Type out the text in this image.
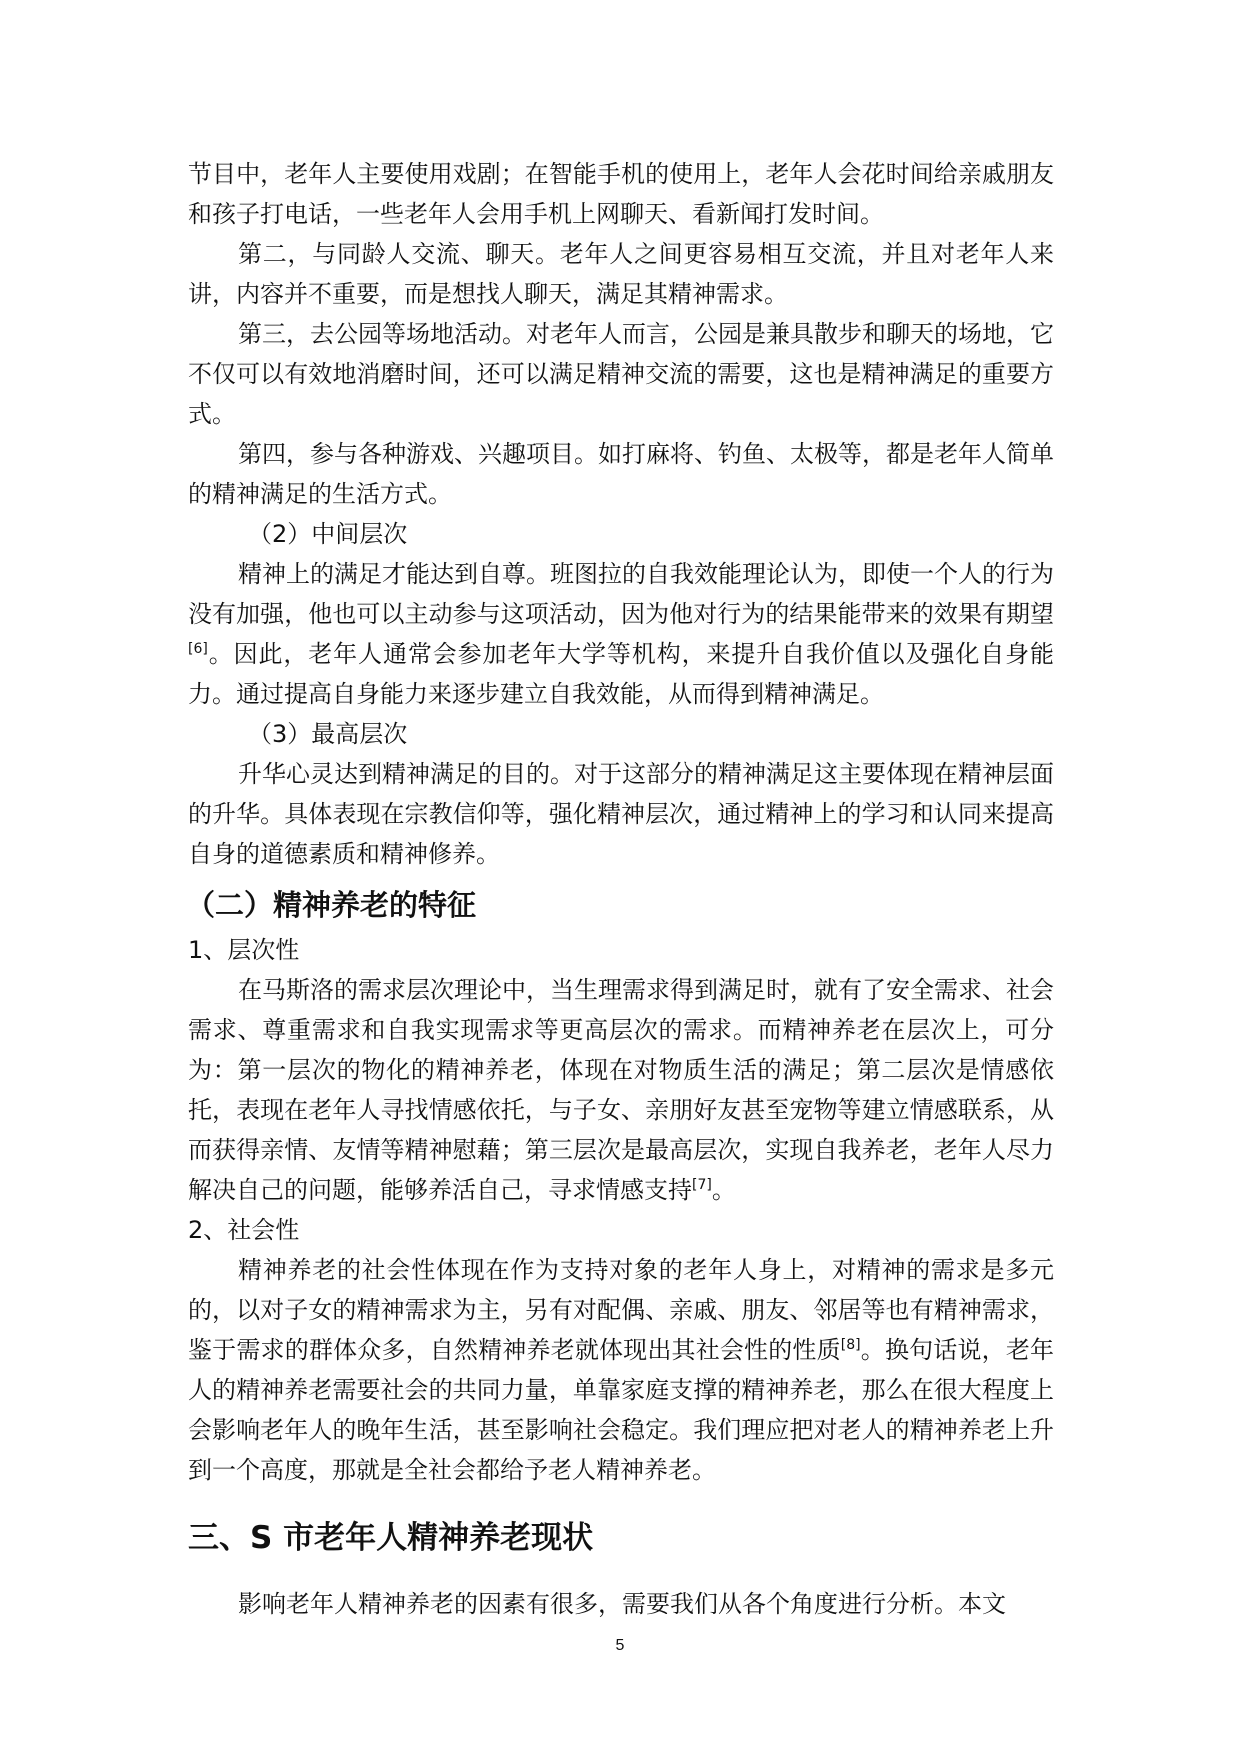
节目中，老年人主要使用戏剧；在智能手机的使用上，老年人会花时间给亲戚朋友和孩子打电话，一些老年人会用手机上网聊天、看新闻打发时间。

第二，与同龄人交流、聊天。老年人之间更容易相互交流，并且对老年人来讲，内容并不重要，而是想找人聊天，满足其精神需求。

第三，去公园等场地活动。对老年人而言，公园是兼具散步和聊天的场地，它不仅可以有效地消磨时间，还可以满足精神交流的需要，这也是精神满足的重要方式。

第四，参与各种游戏、兴趣项目。如打麻将、钓鱼、太极等，都是老年人简单的精神满足的生活方式。

（2）中间层次

精神上的满足才能达到自尊。班图拉的自我效能理论认为，即使一个人的行为没有加强，他也可以主动参与这项活动，因为他对行为的结果能带来的效果有期望[6]。因此，老年人通常会参加老年大学等机构，来提升自我价值以及强化自身能力。通过提高自身能力来逐步建立自我效能，从而得到精神满足。

（3）最高层次

升华心灵达到精神满足的目的。对于这部分的精神满足这主要体现在精神层面的升华。具体表现在宗教信仰等，强化精神层次，通过精神上的学习和认同来提高自身的道德素质和精神修养。

（二）精神养老的特征

1、层次性

在马斯洛的需求层次理论中，当生理需求得到满足时，就有了安全需求、社会需求、尊重需求和自我实现需求等更高层次的需求。而精神养老在层次上，可分为：第一层次的物化的精神养老，体现在对物质生活的满足；第二层次是情感依托，表现在老年人寻找情感依托，与子女、亲朋好友甚至宠物等建立情感联系，从而获得亲情、友情等精神慰藉；第三层次是最高层次，实现自我养老，老年人尽力解决自己的问题，能够养活自己，寻求情感支持[7]。

2、社会性

精神养老的社会性体现在作为支持对象的老年人身上，对精神的需求是多元的，以对子女的精神需求为主，另有对配偶、亲戚、朋友、邻居等也有精神需求，鉴于需求的群体众多，自然精神养老就体现出其社会性的性质[8]。换句话说，老年人的精神养老需要社会的共同力量，单靠家庭支撑的精神养老，那么在很大程度上会影响老年人的晚年生活，甚至影响社会稳定。我们理应把对老人的精神养老上升到一个高度，那就是全社会都给予老人精神养老。

三、S 市老年人精神养老现状

影响老年人精神养老的因素有很多，需要我们从各个角度进行分析。本文

5
